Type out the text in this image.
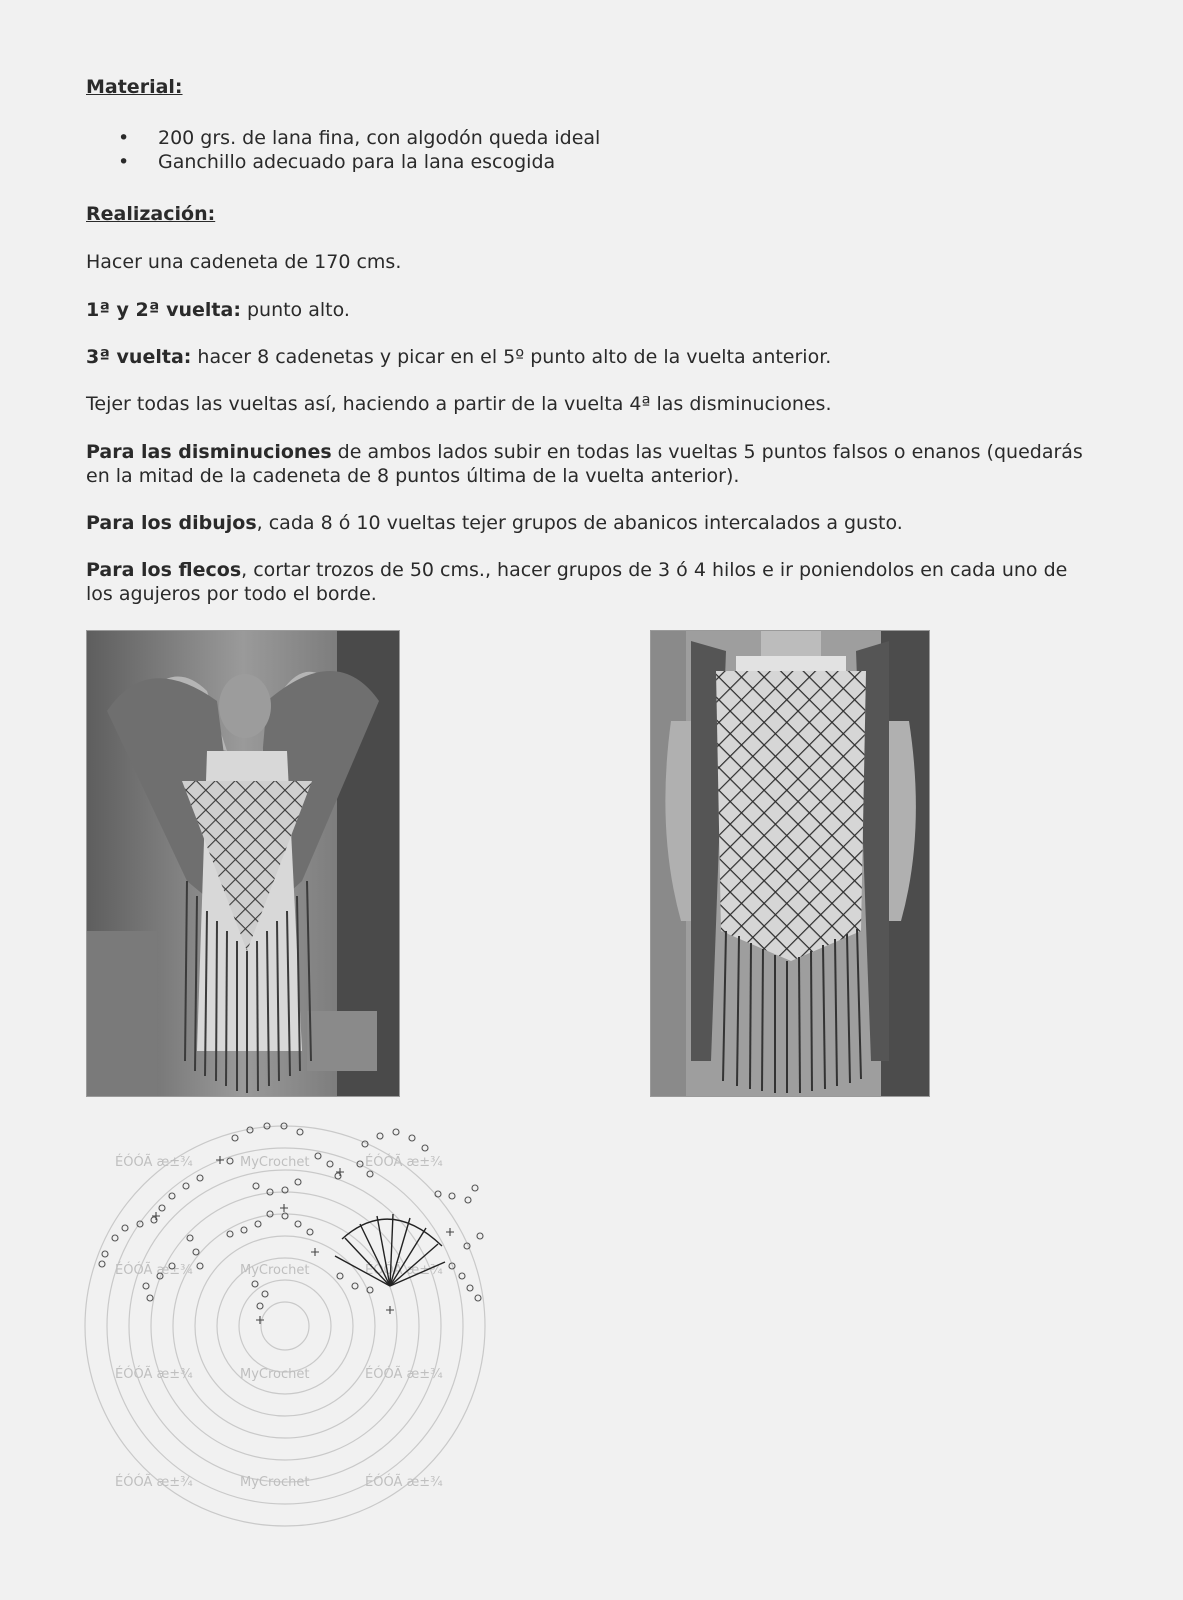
Material:
• 200 grs. de lana fina, con algodón queda ideal
• Ganchillo adecuado para la lana escogida
Realización:

Hacer una cadeneta de 170 cms.

1ª y 2ª vuelta: punto alto.

3ª vuelta: hacer 8 cadenetas y picar en el 5º punto alto de la vuelta anterior.

Tejer todas las vueltas así, haciendo a partir de la vuelta 4ª las disminuciones.

Para las disminuciones de ambos lados subir en todas las vueltas 5 puntos falsos o enanos (quedarás en la mitad de la cadeneta de 8 puntos última de la vuelta anterior).

Para los dibujos, cada 8 ó 10 vueltas tejer grupos de abanicos intercalados a gusto.

Para los flecos, cortar trozos de 50 cms., hacer grupos de 3 ó 4 hilos e ir poniendolos en cada uno de los agujeros por todo el borde.

ÉÓÓÃ æ±¾	MyCrochet	ÉÓÓÃ æ±¾
ÉÓÓÃ æ±¾	MyCrochet	ÉÓÓÃ æ±¾
ÉÓÓÃ æ±¾	MyCrochet	ÉÓÓÃ æ±¾
ÉÓÓÃ æ±¾	MyCrochet	ÉÓÓÃ æ±¾
